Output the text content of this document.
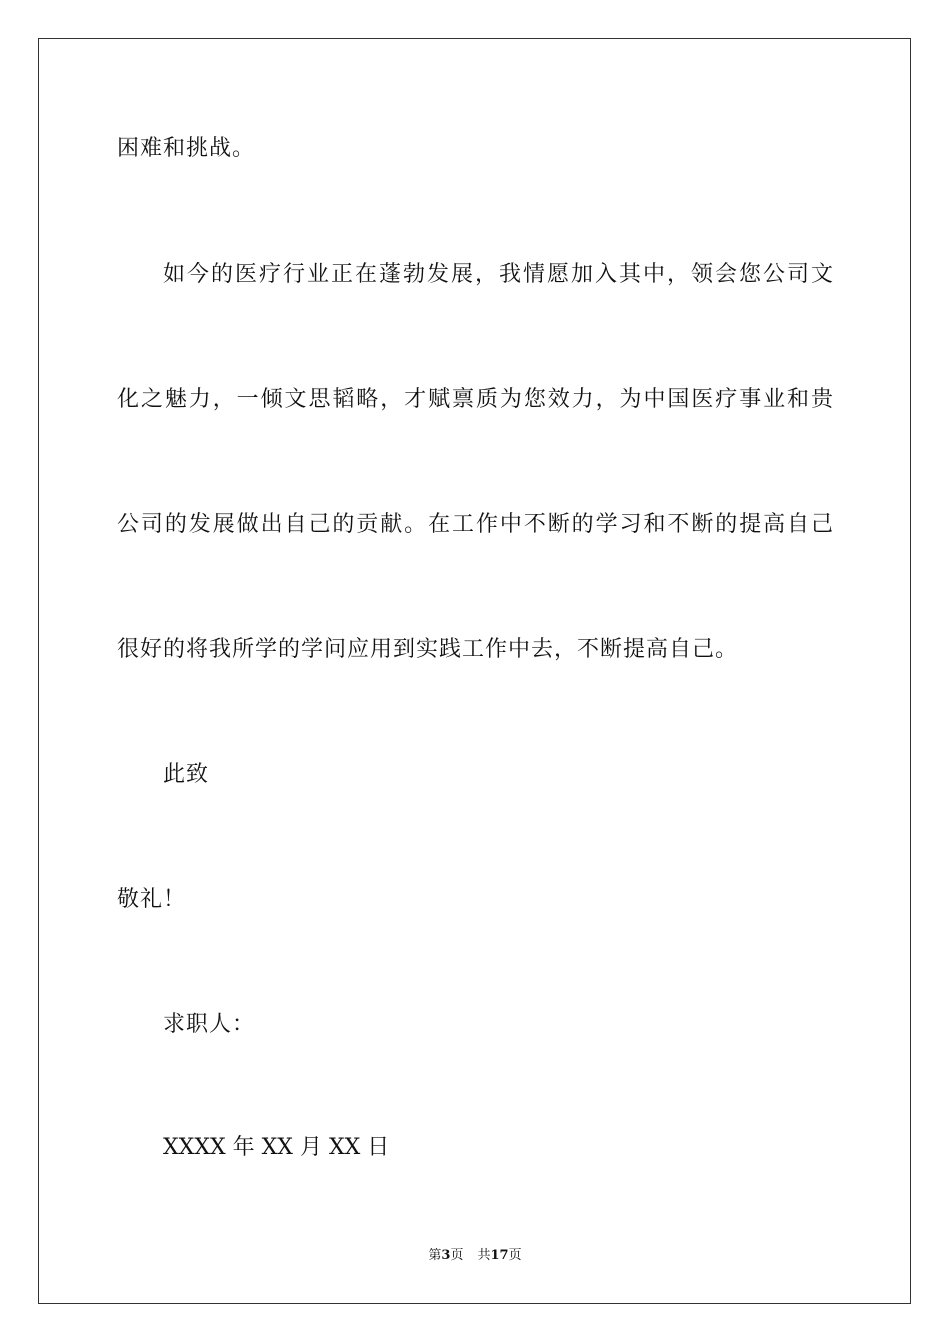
困难和挑战。
如今的医疗行业正在蓬勃发展，我情愿加入其中，领会您公司文
化之魅力，一倾文思韬略，才赋禀质为您效力，为中国医疗事业和贵
公司的发展做出自己的贡献。在工作中不断的学习和不断的提高自己
很好的将我所学的学问应用到实践工作中去，不断提高自己。
此致
敬礼！
求职人：
XXXX 年 XX 月 XX 日
第3页 共17页
